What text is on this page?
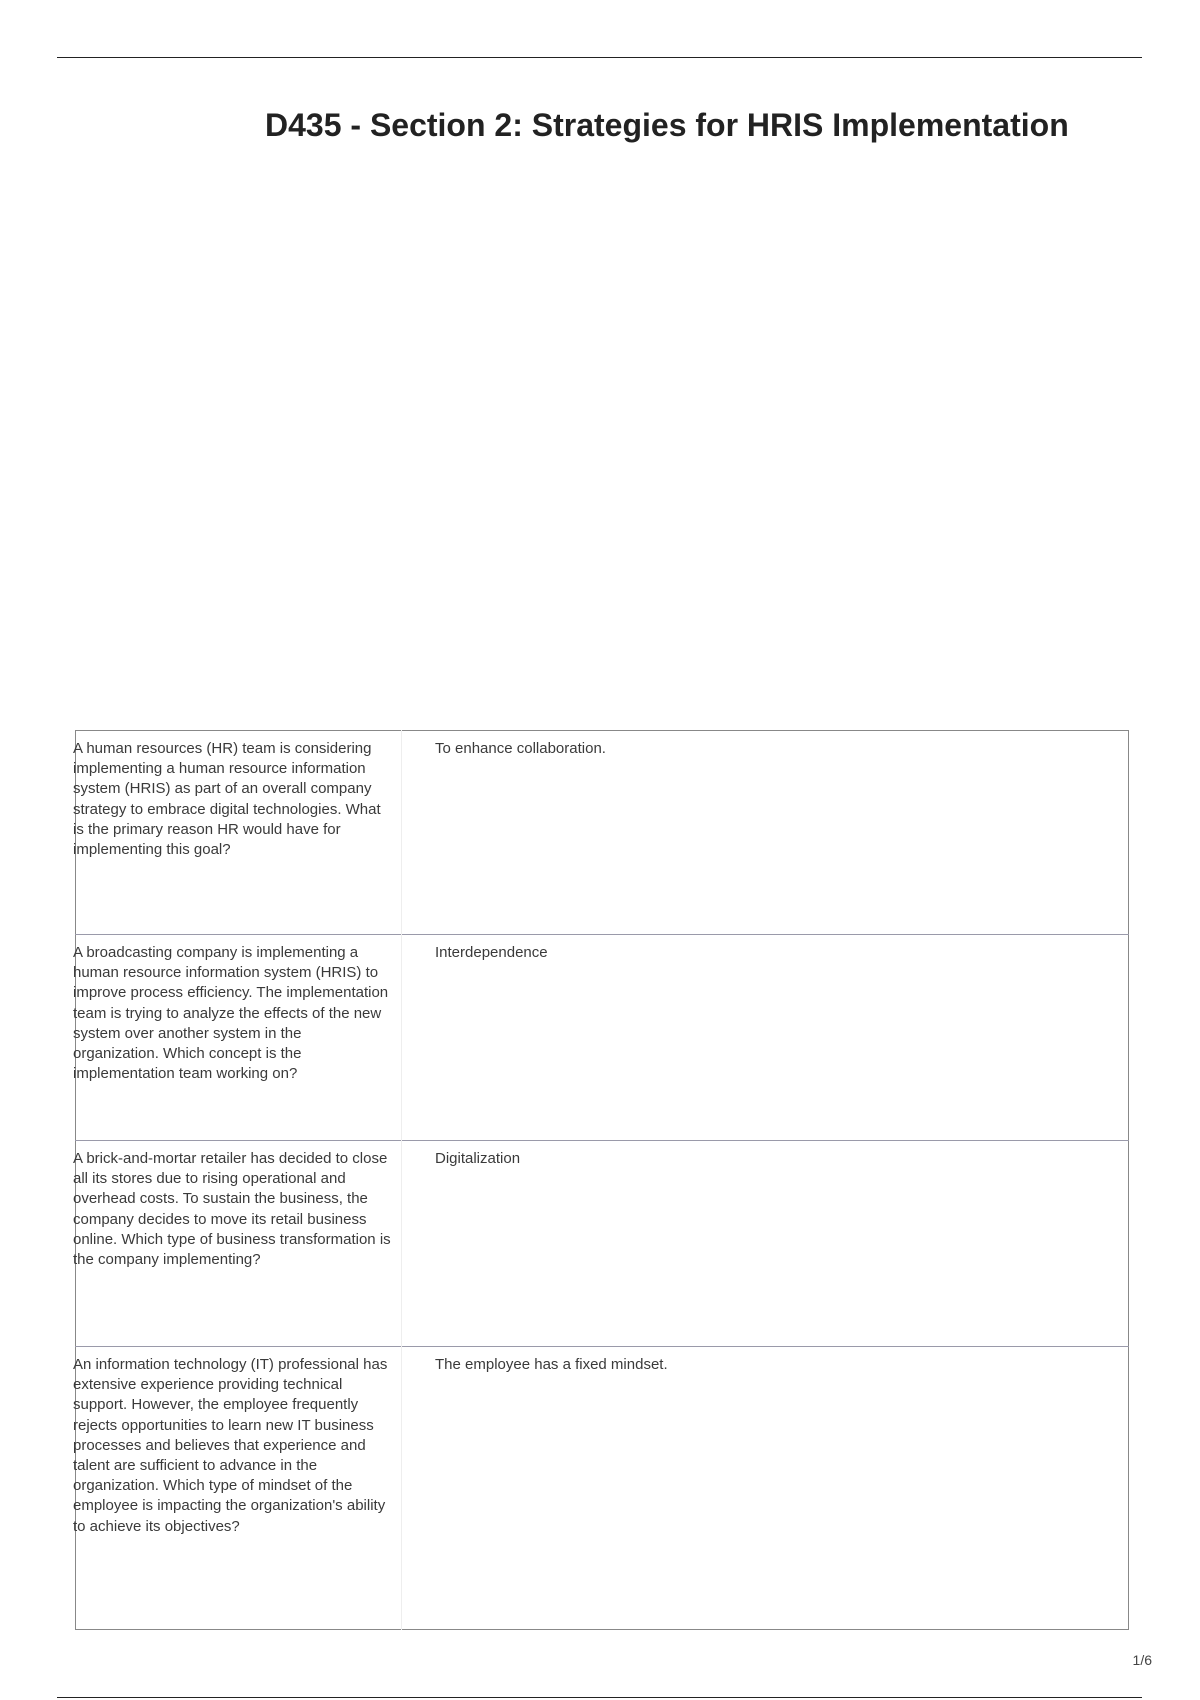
D435 - Section 2: Strategies for HRIS Implementation
A human resources (HR) team is considering implementing a human resource information system (HRIS) as part of an overall company strategy to embrace digital technologies. What is the primary reason HR would have for implementing this goal?	To enhance collaboration.

A broadcasting company is implementing a human resource information system (HRIS) to improve process efficiency. The implementation team is trying to analyze the effects of the new system over another system in the organization. Which concept is the implementation team working on?	Interdependence

A brick-and-mortar retailer has decided to close all its stores due to rising operational and overhead costs. To sustain the business, the company decides to move its retail business online. Which type of business transformation is the company implementing?	Digitalization

An information technology (IT) professional has extensive experience providing technical support. However, the employee frequently rejects opportunities to learn new IT business processes and believes that experience and talent are sufficient to advance in the organization. Which type of mindset of the employee is impacting the organization's ability to achieve its objectives?	The employee has a fixed mindset.
1/6
